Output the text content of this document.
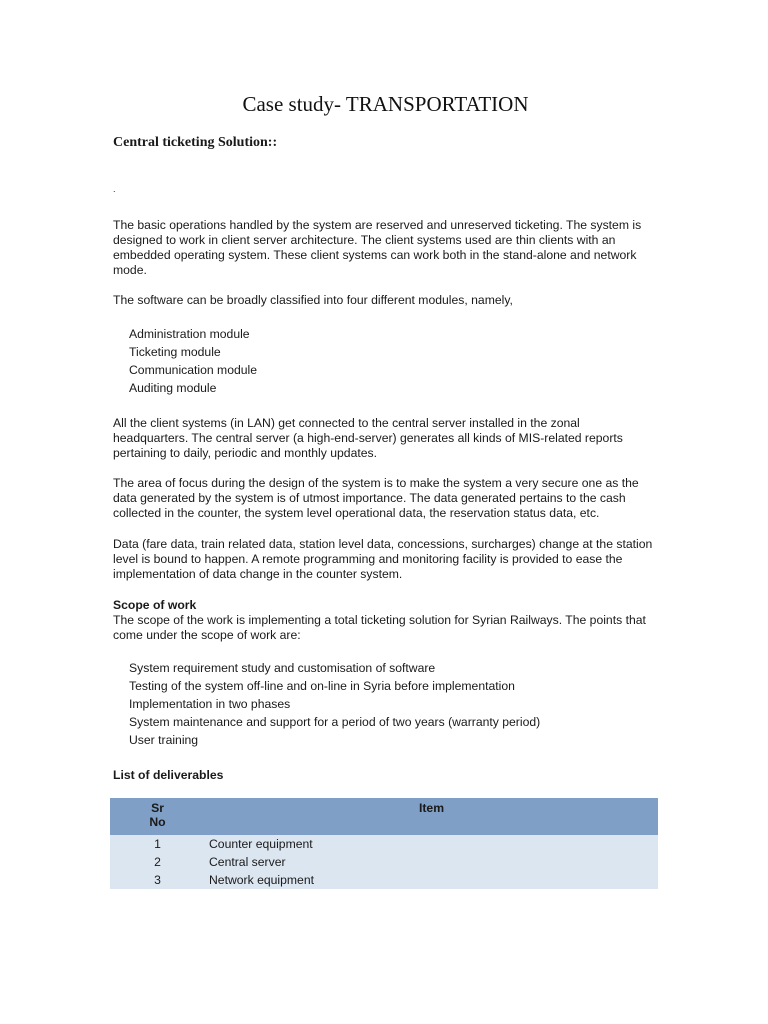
Case study- TRANSPORTATION
Central ticketing Solution::
.

The basic operations handled by the system are reserved and unreserved ticketing. The system is designed to work in client server architecture. The client systems used are thin clients with an embedded operating system. These client systems can work both in the stand-alone and network mode.

The software can be broadly classified into four different modules, namely,

Administration module
Ticketing module
Communication module
Auditing module

All the client systems (in LAN) get connected to the central server installed in the zonal headquarters. The central server (a high-end-server) generates all kinds of MIS-related reports pertaining to daily, periodic and monthly updates.

The area of focus during the design of the system is to make the system a very secure one as the data generated by the system is of utmost importance. The data generated pertains to the cash collected in the counter, the system level operational data, the reservation status data, etc.

Data (fare data, train related data, station level data, concessions, surcharges) change at the station level is bound to happen. A remote programming and monitoring facility is provided to ease the implementation of data change in the counter system.

Scope of work

The scope of the work is implementing a total ticketing solution for Syrian Railways. The points that come under the scope of work are:

System requirement study and customisation of software
Testing of the system off-line and on-line in Syria before implementation
Implementation in two phases
System maintenance and support for a period of two years (warranty period)
User training
List of deliverables
Sr
No	Item
1	Counter equipment
2	Central server
3	Network equipment
